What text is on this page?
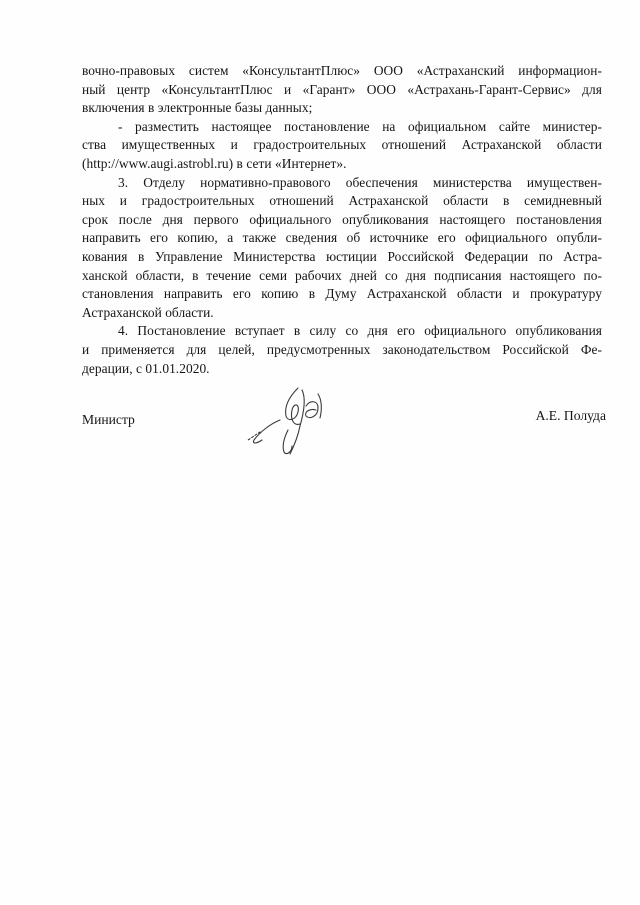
вочно-правовых систем «КонсультантПлюс» ООО «Астраханский информацион-
ный центр «КонсультантПлюс и «Гарант» ООО «Астрахань-Гарант-Сервис» для
включения в электронные базы данных;
- разместить настоящее постановление на официальном сайте министер-
ства имущественных и градостроительных отношений Астраханской области
(http://www.augi.astrobl.ru) в сети «Интернет».
3. Отделу нормативно-правового обеспечения министерства имуществен-
ных и градостроительных отношений Астраханской области в семидневный
срок после дня первого официального опубликования настоящего постановления
направить его копию, а также сведения об источнике его официального опубли-
кования в Управление Министерства юстиции Российской Федерации по Астра-
ханской области, в течение семи рабочих дней со дня подписания настоящего по-
становления направить его копию в Думу Астраханской области и прокуратуру
Астраханской области.
4. Постановление вступает в силу со дня его официального опубликования
и применяется для целей, предусмотренных законодательством Российской Фе-
дерации, с 01.01.2020.
Министр	А.Е. Полуда
